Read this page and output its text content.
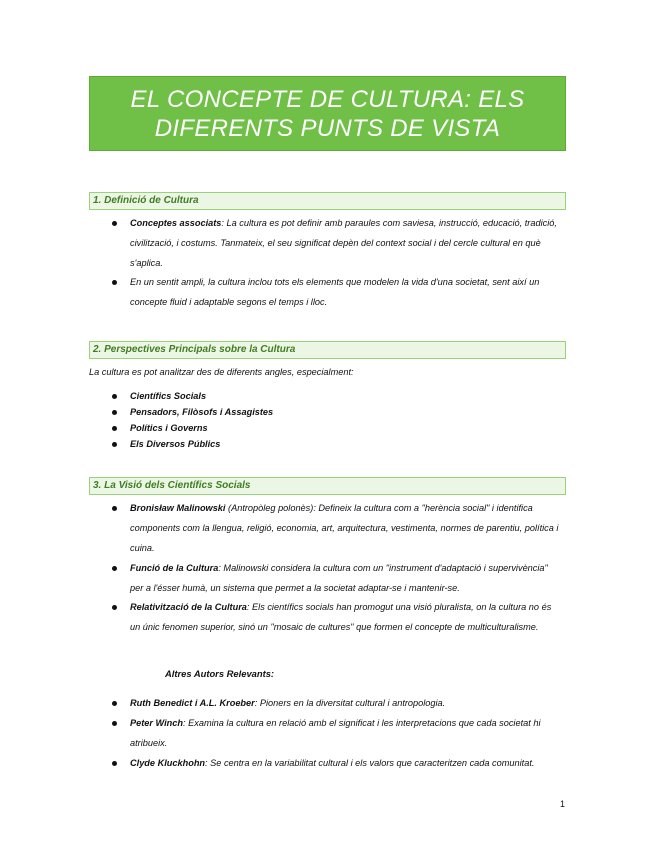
EL CONCEPTE DE CULTURA: ELS
DIFERENTS PUNTS DE VISTA
1. Definició de Cultura
Conceptes associats: La cultura es pot definir amb paraules com saviesa, instrucció, educació, tradició, civilització, i costums. Tanmateix, el seu significat depèn del context social i del cercle cultural en què s'aplica.
En un sentit ampli, la cultura inclou tots els elements que modelen la vida d'una societat, sent així un concepte fluid i adaptable segons el temps i lloc.
2. Perspectives Principals sobre la Cultura
La cultura es pot analitzar des de diferents angles, especialment:
Científics Socials
Pensadors, Filòsofs i Assagistes
Polítics i Governs
Els Diversos Públics
3. La Visió dels Científics Socials
Bronisław Malinowski (Antropòleg polonès): Defineix la cultura com a "herència social" i identifica components com la llengua, religió, economia, art, arquitectura, vestimenta, normes de parentiu, política i cuina.
Funció de la Cultura: Malinowski considera la cultura com un "instrument d'adaptació i supervivència" per a l'ésser humà, un sistema que permet a la societat adaptar-se i mantenir-se.
Relativització de la Cultura: Els científics socials han promogut una visió pluralista, on la cultura no és un únic fenomen superior, sinó un "mosaic de cultures" que formen el concepte de multiculturalisme.
Altres Autors Relevants:
Ruth Benedict i A.L. Kroeber: Pioners en la diversitat cultural i antropologia.
Peter Winch: Examina la cultura en relació amb el significat i les interpretacions que cada societat hi atribueix.
Clyde Kluckhohn: Se centra en la variabilitat cultural i els valors que caracteritzen cada comunitat.
1
